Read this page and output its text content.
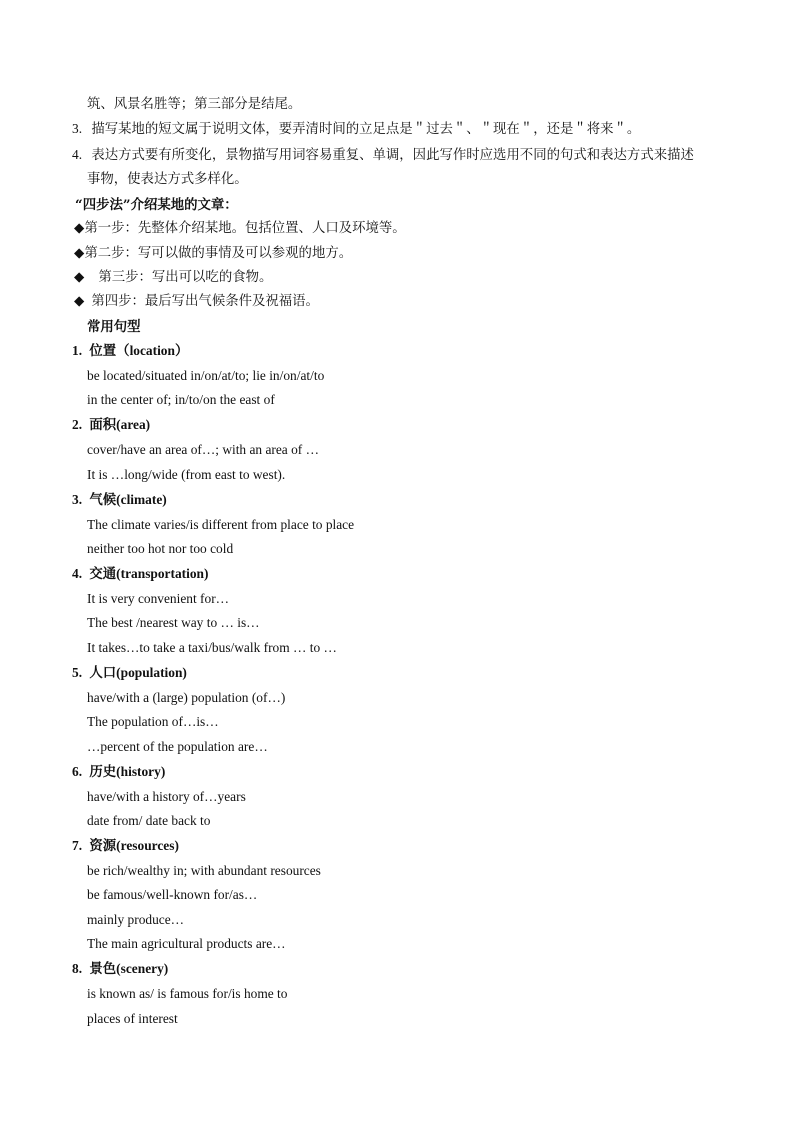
筑、风景名胜等；第三部分是结尾。
3. 描写某地的短文属于说明文体，要弄清时间的立足点是＂过去＂、＂现在＂，还是＂将来＂。
4. 表达方式要有所变化，景物描写用词容易重复、单调，因此写作时应选用不同的句式和表达方式来描述
事物，使表达方式多样化。
“四步法”介绍某地的文章：
◆第一步：先整体介绍某地。包括位置、人口及环境等。
◆第二步：写可以做的事情及可以参观的地方。
◆ 第三步：写出可以吃的食物。
◆ 第四步：最后写出气候条件及祝福语。
常用句型
1. 位置（location）
be located/situated in/on/at/to; lie in/on/at/to
in the center of; in/to/on the east of
2. 面积(area)
cover/have an area of…; with an area of …
It is …long/wide (from east to west).
3. 气候(climate)
The climate varies/is different from place to place
neither too hot nor too cold
4. 交通(transportation)
It is very convenient for…
The best /nearest way to … is…
It takes…to take a taxi/bus/walk from … to …
5. 人口(population)
have/with a (large) population (of…)
The population of…is…
…percent of the population are…
6. 历史(history)
have/with a history of…years
date from/ date back to
7. 资源(resources)
be rich/wealthy in; with abundant resources
be famous/well-known for/as…
mainly produce…
The main agricultural products are…
8. 景色(scenery)
is known as/ is famous for/is home to
places of interest
